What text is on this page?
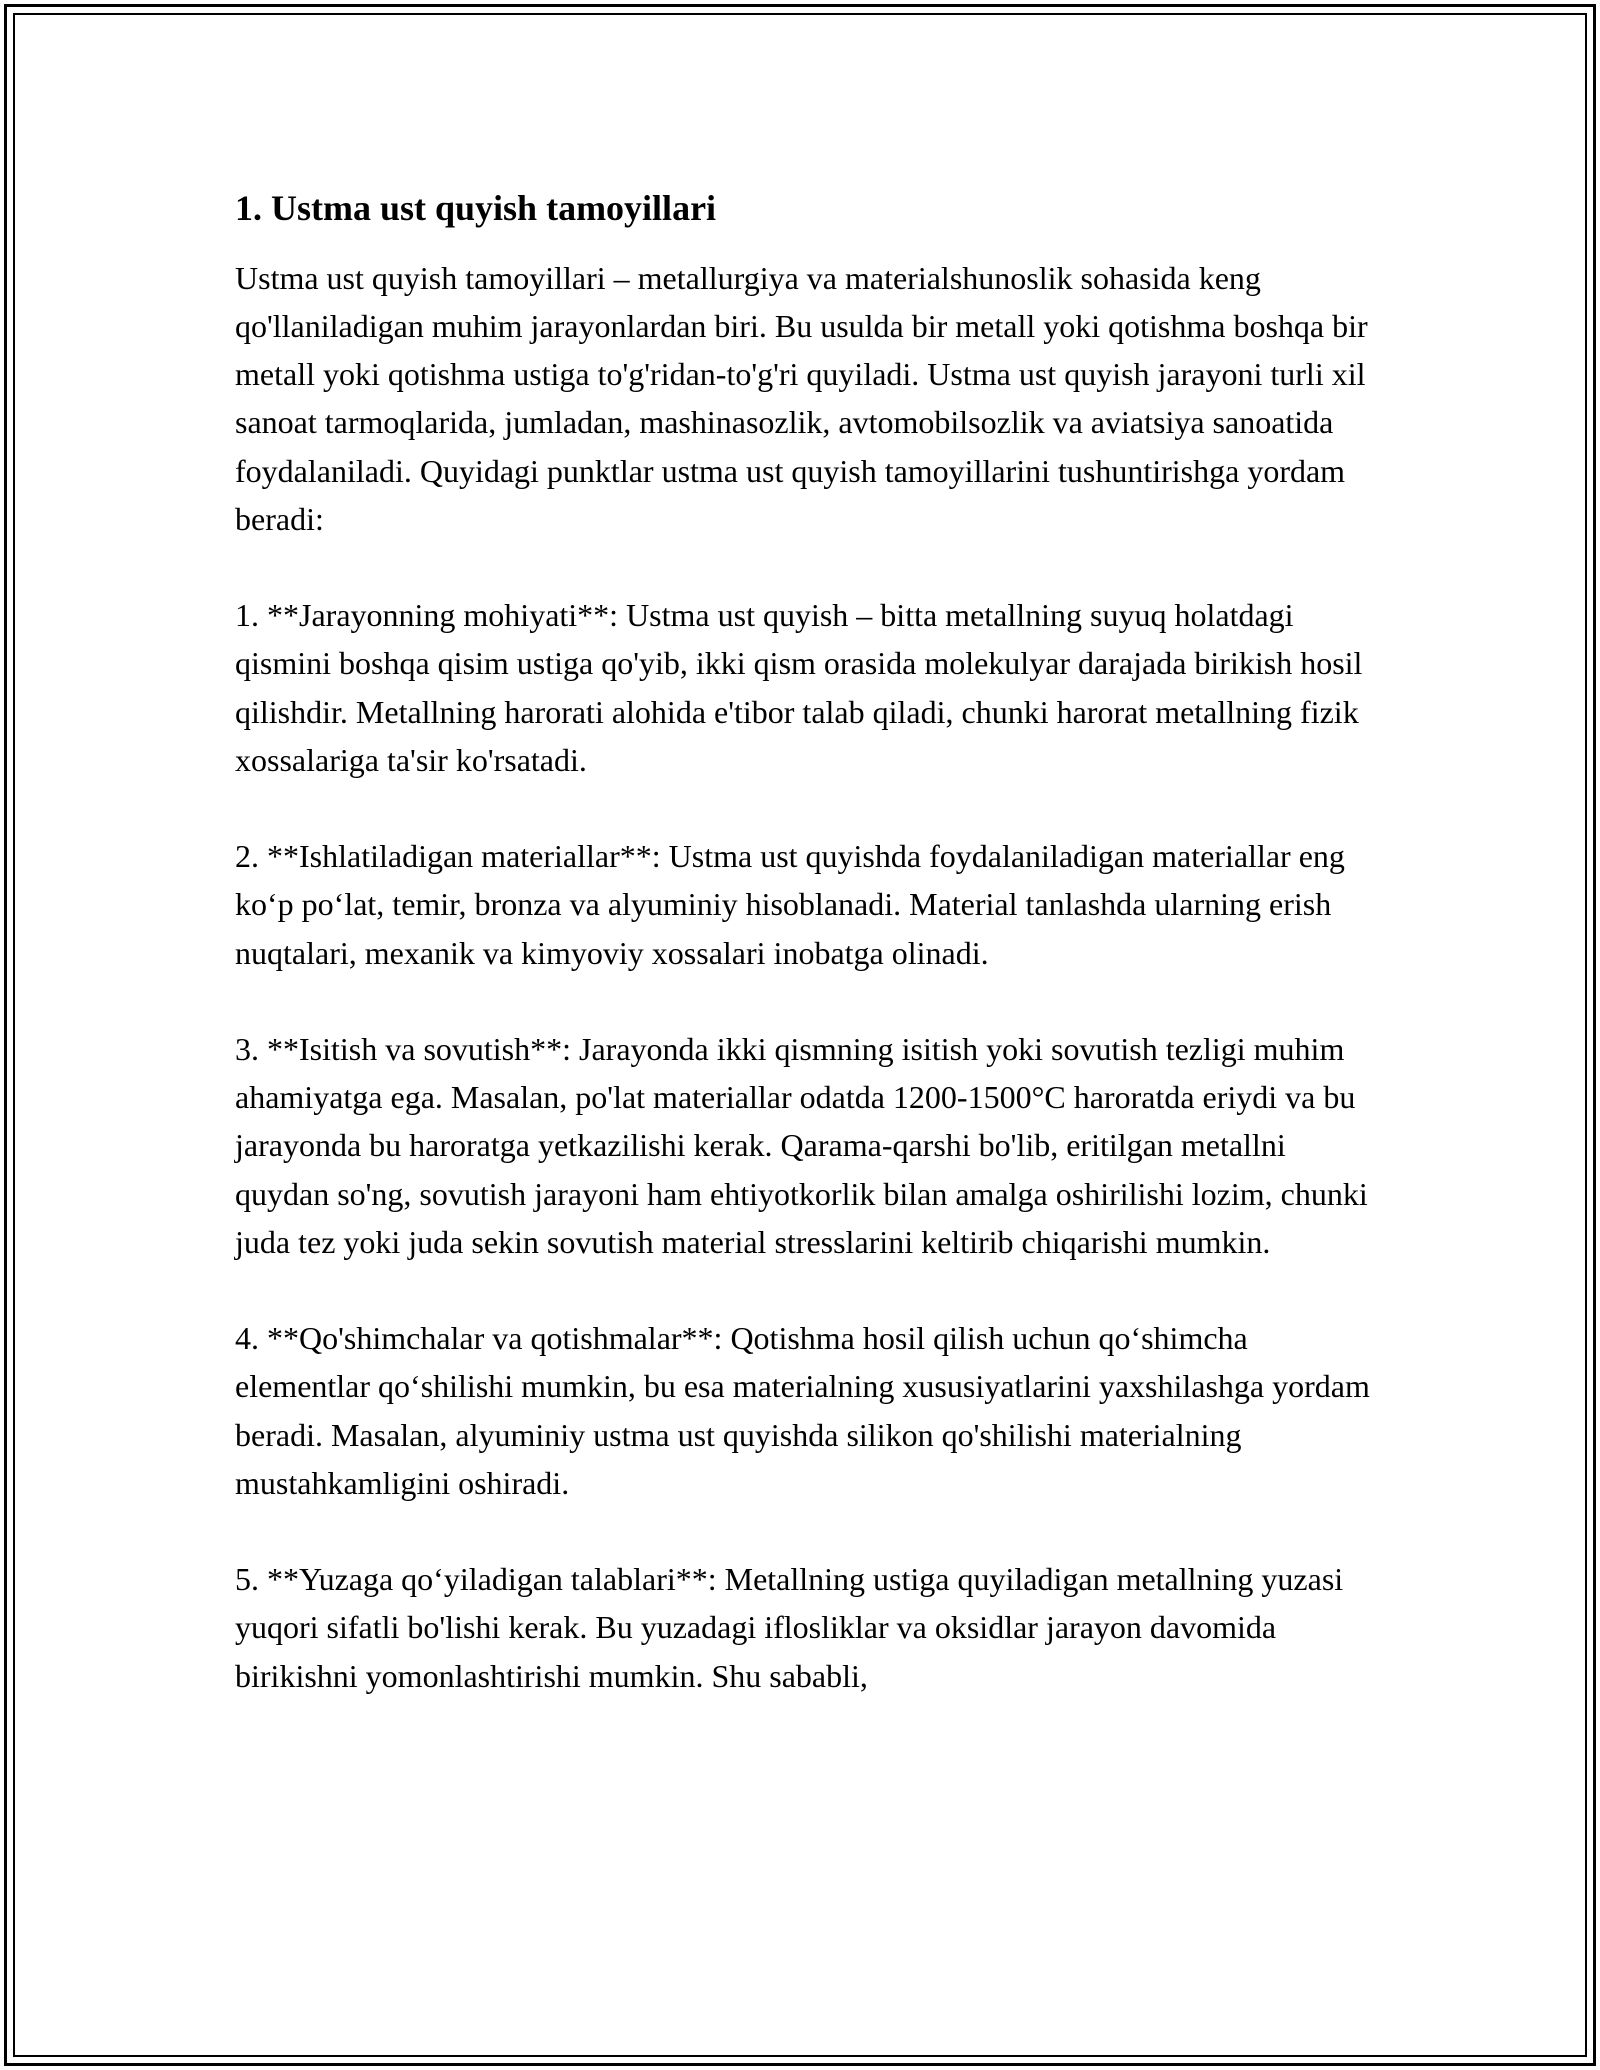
1. Ustma ust quyish tamoyillari

Ustma ust quyish tamoyillari – metallurgiya va materialshunoslik sohasida keng qo'llaniladigan muhim jarayonlardan biri. Bu usulda bir metall yoki qotishma boshqa bir metall yoki qotishma ustiga to'g'ridan-to'g'ri quyiladi. Ustma ust quyish jarayoni turli xil sanoat tarmoqlarida, jumladan, mashinasozlik, avtomobilsozlik va aviatsiya sanoatida foydalaniladi. Quyidagi punktlar ustma ust quyish tamoyillarini tushuntirishga yordam beradi:

1. **Jarayonning mohiyati**: Ustma ust quyish – bitta metallning suyuq holatdagi qismini boshqa qisim ustiga qo'yib, ikki qism orasida molekulyar darajada birikish hosil qilishdir. Metallning harorati alohida e'tibor talab qiladi, chunki harorat metallning fizik xossalariga ta'sir ko'rsatadi.

2. **Ishlatiladigan materiallar**: Ustma ust quyishda foydalaniladigan materiallar eng ko‘p po‘lat, temir, bronza va alyuminiy hisoblanadi. Material tanlashda ularning erish nuqtalari, mexanik va kimyoviy xossalari inobatga olinadi.

3. **Isitish va sovutish**: Jarayonda ikki qismning isitish yoki sovutish tezligi muhim ahamiyatga ega. Masalan, po'lat materiallar odatda 1200-1500°C haroratda eriydi va bu jarayonda bu haroratga yetkazilishi kerak. Qarama-qarshi bo'lib, eritilgan metallni quydan so'ng, sovutish jarayoni ham ehtiyotkorlik bilan amalga oshirilishi lozim, chunki juda tez yoki juda sekin sovutish material stresslarini keltirib chiqarishi mumkin.

4. **Qo'shimchalar va qotishmalar**: Qotishma hosil qilish uchun qo‘shimcha elementlar qo‘shilishi mumkin, bu esa materialning xususiyatlarini yaxshilashga yordam beradi. Masalan, alyuminiy ustma ust quyishda silikon qo'shilishi materialning mustahkamligini oshiradi.

5. **Yuzaga qo‘yiladigan talablari**: Metallning ustiga quyiladigan metallning yuzasi yuqori sifatli bo'lishi kerak. Bu yuzadagi iflosliklar va oksidlar jarayon davomida birikishni yomonlashtirishi mumkin. Shu sababli,
